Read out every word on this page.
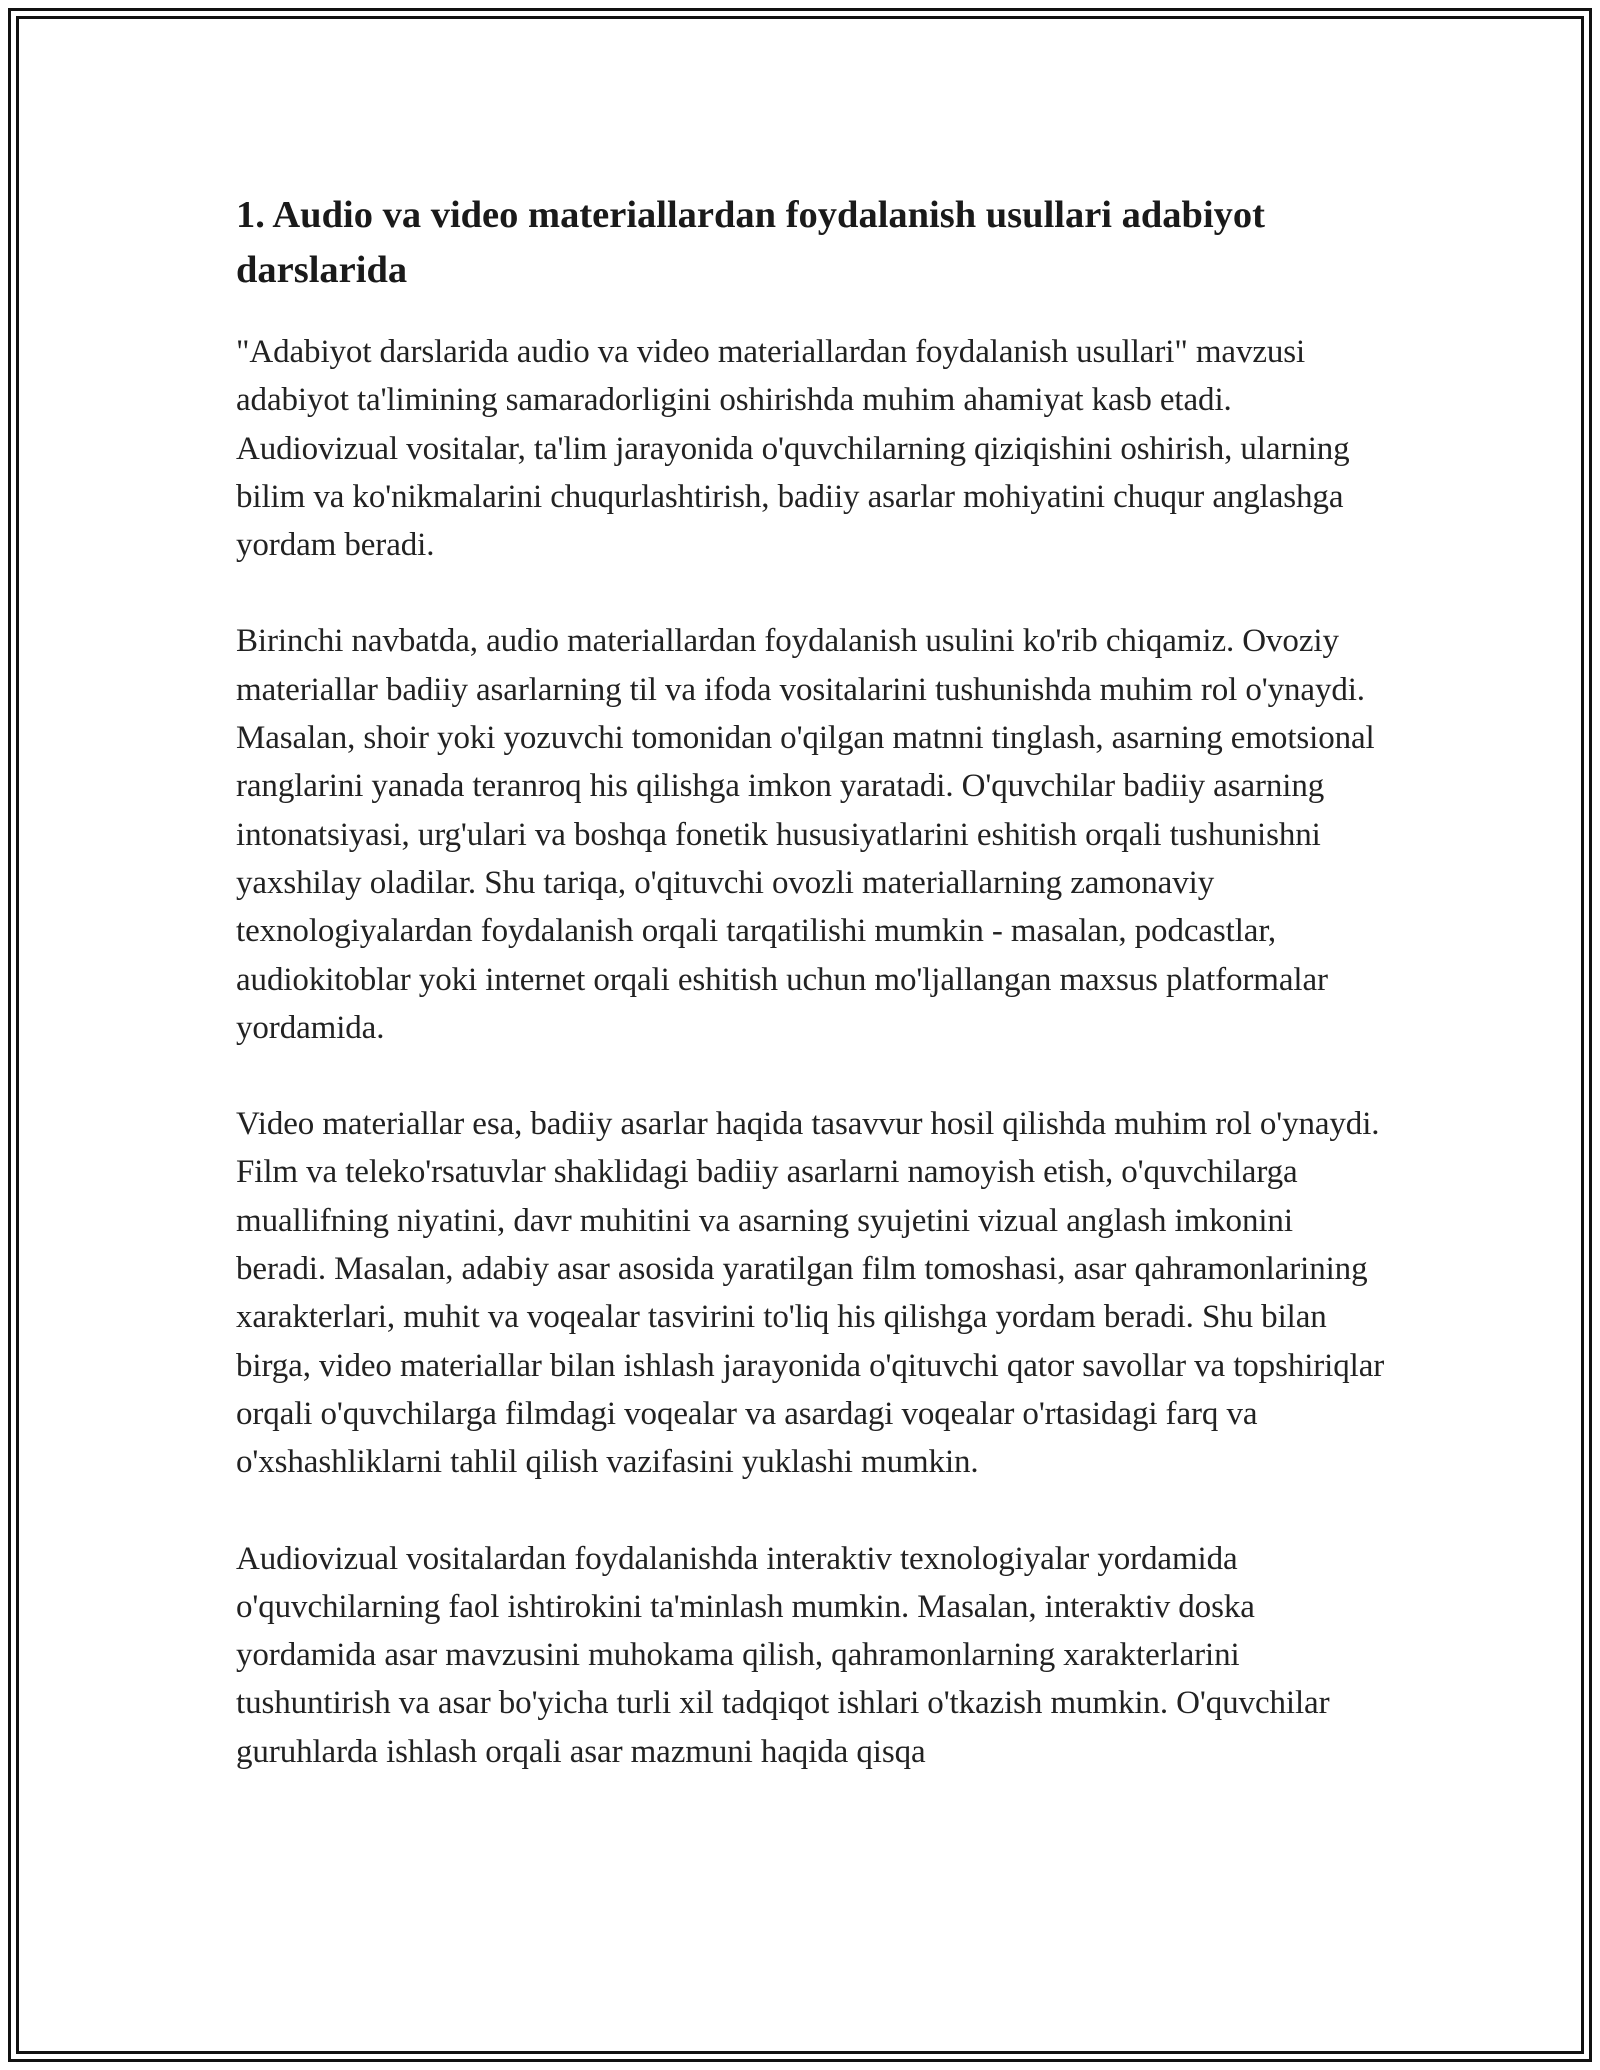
1. Audio va video materiallardan foydalanish usullari adabiyot darslarida

"Adabiyot darslarida audio va video materiallardan foydalanish usullari" mavzusi adabiyot ta'limining samaradorligini oshirishda muhim ahamiyat kasb etadi. Audiovizual vositalar, ta'lim jarayonida o'quvchilarning qiziqishini oshirish, ularning bilim va ko'nikmalarini chuqurlashtirish, badiiy asarlar mohiyatini chuqur anglashga yordam beradi.

Birinchi navbatda, audio materiallardan foydalanish usulini ko'rib chiqamiz. Ovoziy materiallar badiiy asarlarning til va ifoda vositalarini tushunishda muhim rol o'ynaydi. Masalan, shoir yoki yozuvchi tomonidan o'qilgan matnni tinglash, asarning emotsional ranglarini yanada teranroq his qilishga imkon yaratadi. O'quvchilar badiiy asarning intonatsiyasi, urg'ulari va boshqa fonetik hususiyatlarini eshitish orqali tushunishni yaxshilay oladilar. Shu tariqa, o'qituvchi ovozli materiallarning zamonaviy texnologiyalardan foydalanish orqali tarqatilishi mumkin - masalan, podcastlar, audiokitoblar yoki internet orqali eshitish uchun mo'ljallangan maxsus platformalar yordamida.

Video materiallar esa, badiiy asarlar haqida tasavvur hosil qilishda muhim rol o'ynaydi. Film va teleko'rsatuvlar shaklidagi badiiy asarlarni namoyish etish, o'quvchilarga muallifning niyatini, davr muhitini va asarning syujetini vizual anglash imkonini beradi. Masalan, adabiy asar asosida yaratilgan film tomoshasi, asar qahramonlarining xarakterlari, muhit va voqealar tasvirini to'liq his qilishga yordam beradi. Shu bilan birga, video materiallar bilan ishlash jarayonida o'qituvchi qator savollar va topshiriqlar orqali o'quvchilarga filmdagi voqealar va asardagi voqealar o'rtasidagi farq va o'xshashliklarni tahlil qilish vazifasini yuklashi mumkin.

Audiovizual vositalardan foydalanishda interaktiv texnologiyalar yordamida o'quvchilarning faol ishtirokini ta'minlash mumkin. Masalan, interaktiv doska yordamida asar mavzusini muhokama qilish, qahramonlarning xarakterlarini tushuntirish va asar bo'yicha turli xil tadqiqot ishlari o'tkazish mumkin. O'quvchilar guruhlarda ishlash orqali asar mazmuni haqida qisqa
